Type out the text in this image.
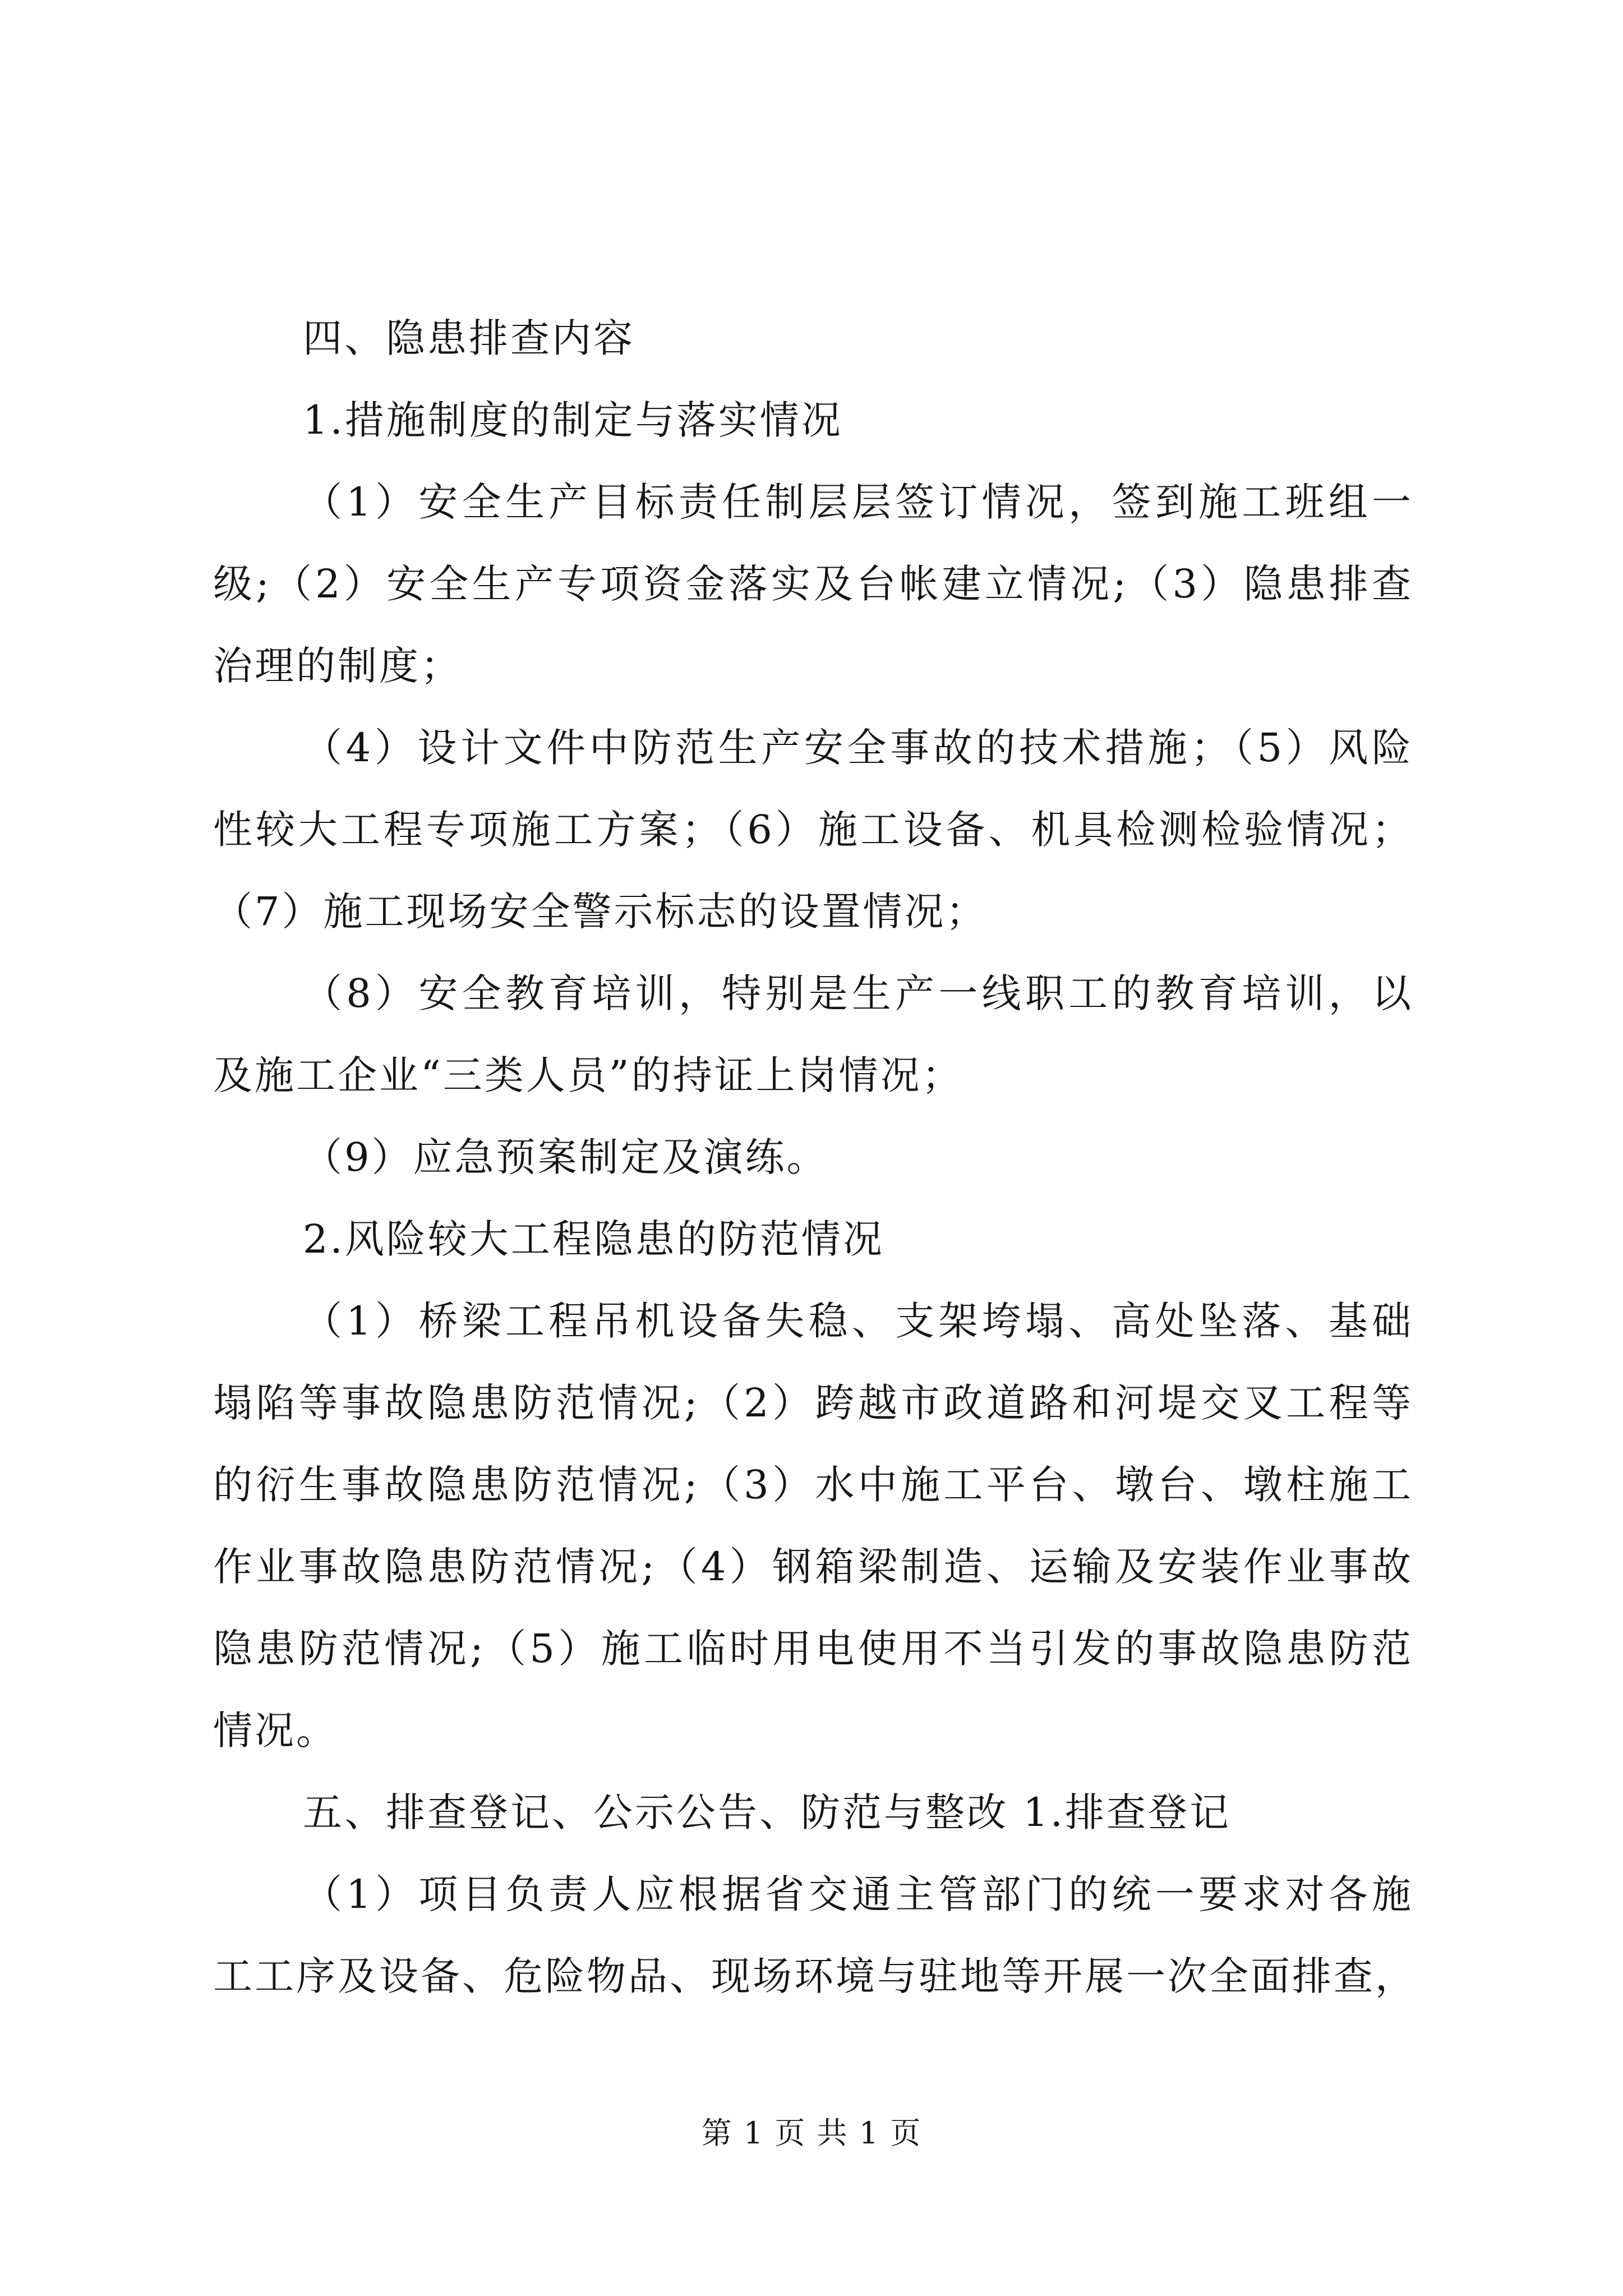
四、隐患排查内容
1.措施制度的制定与落实情况
（1）安全生产目标责任制层层签订情况，签到施工班组一
级;（2）安全生产专项资金落实及台帐建立情况;（3）隐患排查
治理的制度；
（4）设计文件中防范生产安全事故的技术措施；（5）风险
性较大工程专项施工方案；（6）施工设备、机具检测检验情况；
（7）施工现场安全警示标志的设置情况；
（8）安全教育培训，特别是生产一线职工的教育培训，以
及施工企业“三类人员”的持证上岗情况；
（9）应急预案制定及演练。
2.风险较大工程隐患的防范情况
（1）桥梁工程吊机设备失稳、支架垮塌、高处坠落、基础
塌陷等事故隐患防范情况;（2）跨越市政道路和河堤交叉工程等
的衍生事故隐患防范情况;（3）水中施工平台、墩台、墩柱施工
作业事故隐患防范情况;（4）钢箱梁制造、运输及安装作业事故
隐患防范情况;（5）施工临时用电使用不当引发的事故隐患防范
情况。
五、排查登记、公示公告、防范与整改 1.排查登记
（1）项目负责人应根据省交通主管部门的统一要求对各施
工工序及设备、危险物品、现场环境与驻地等开展一次全面排查，
第 1 页 共 1 页
